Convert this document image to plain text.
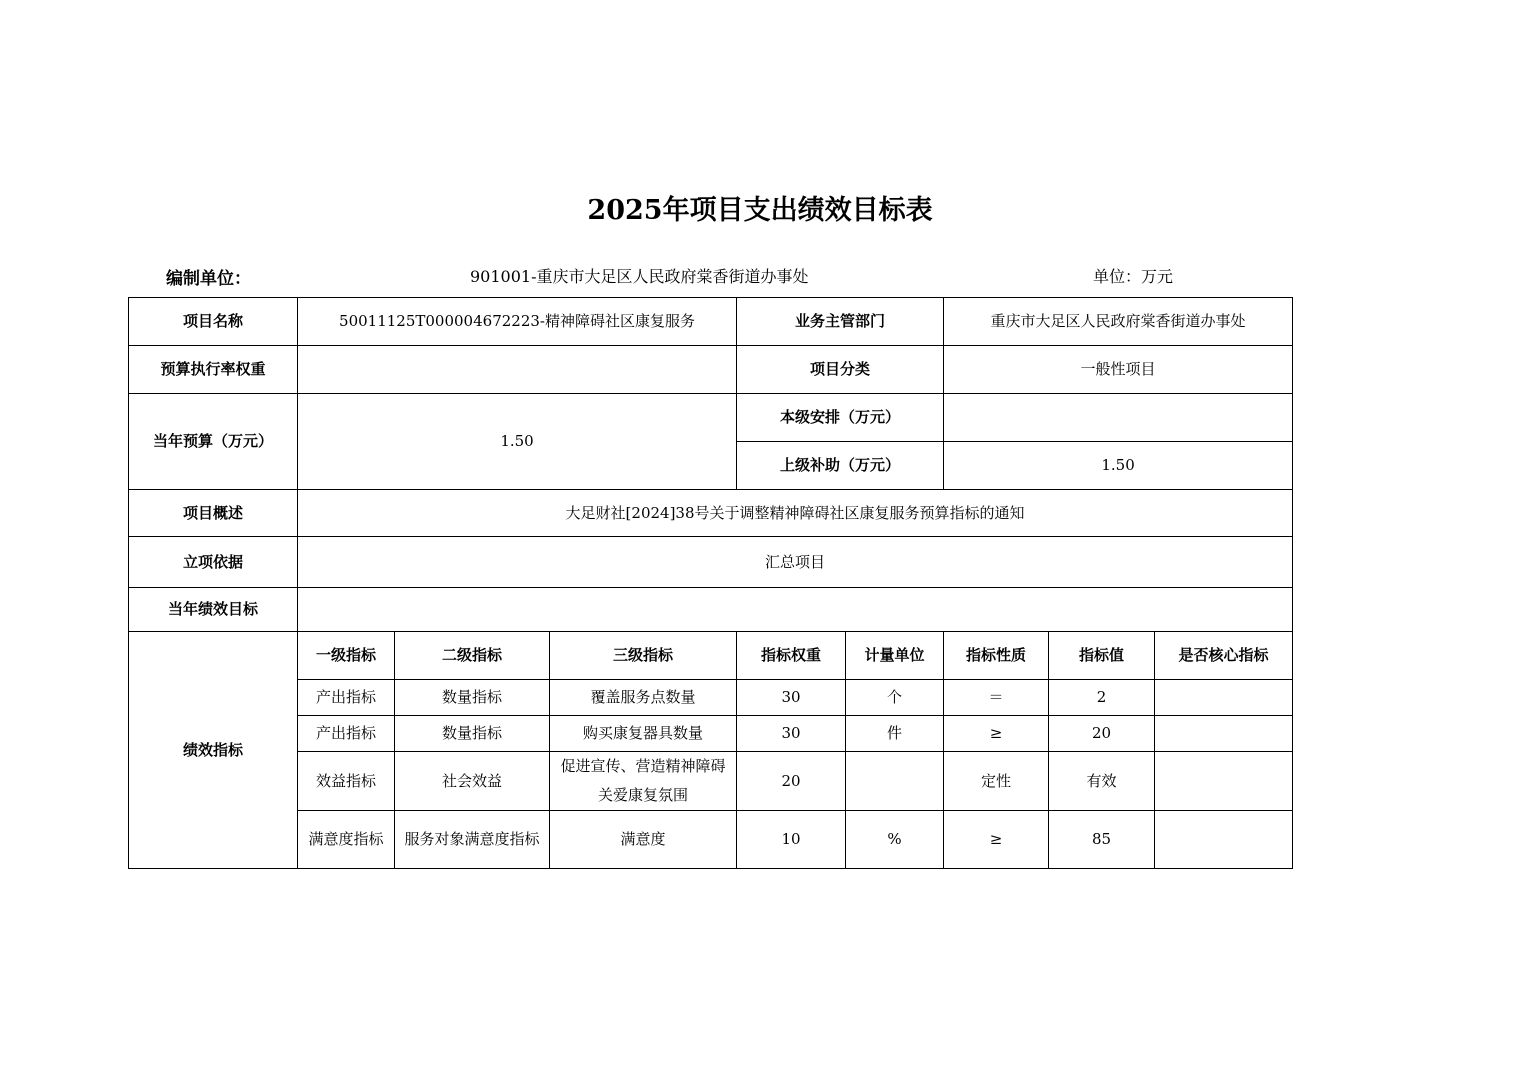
2025年项目支出绩效目标表
编制单位：	901001-重庆市大足区人民政府棠香街道办事处	单位：万元
项目名称	50011125T000004672223-精神障碍社区康复服务			业务主管部门		重庆市大足区人民政府棠香街道办事处		
预算执行率权重				项目分类		一般性项目		
当年预算（万元）	1.50			本级安排（万元）				
				上级补助（万元）		1.50		
项目概述	大足财社[2024]38号关于调整精神障碍社区康复服务预算指标的通知							
立项依据	汇总项目							
当年绩效目标								
绩效指标	一级指标	二级指标	三级指标	指标权重	计量单位	指标性质	指标值	是否核心指标
	产出指标	数量指标	覆盖服务点数量	30	个	＝	2	
	产出指标	数量指标	购买康复器具数量	30	件	≥	20	
	效益指标	社会效益	促进宣传、营造精神障碍关爱康复氛围	20		定性	有效	
	满意度指标	服务对象满意度指标	满意度	10	%	≥	85	
